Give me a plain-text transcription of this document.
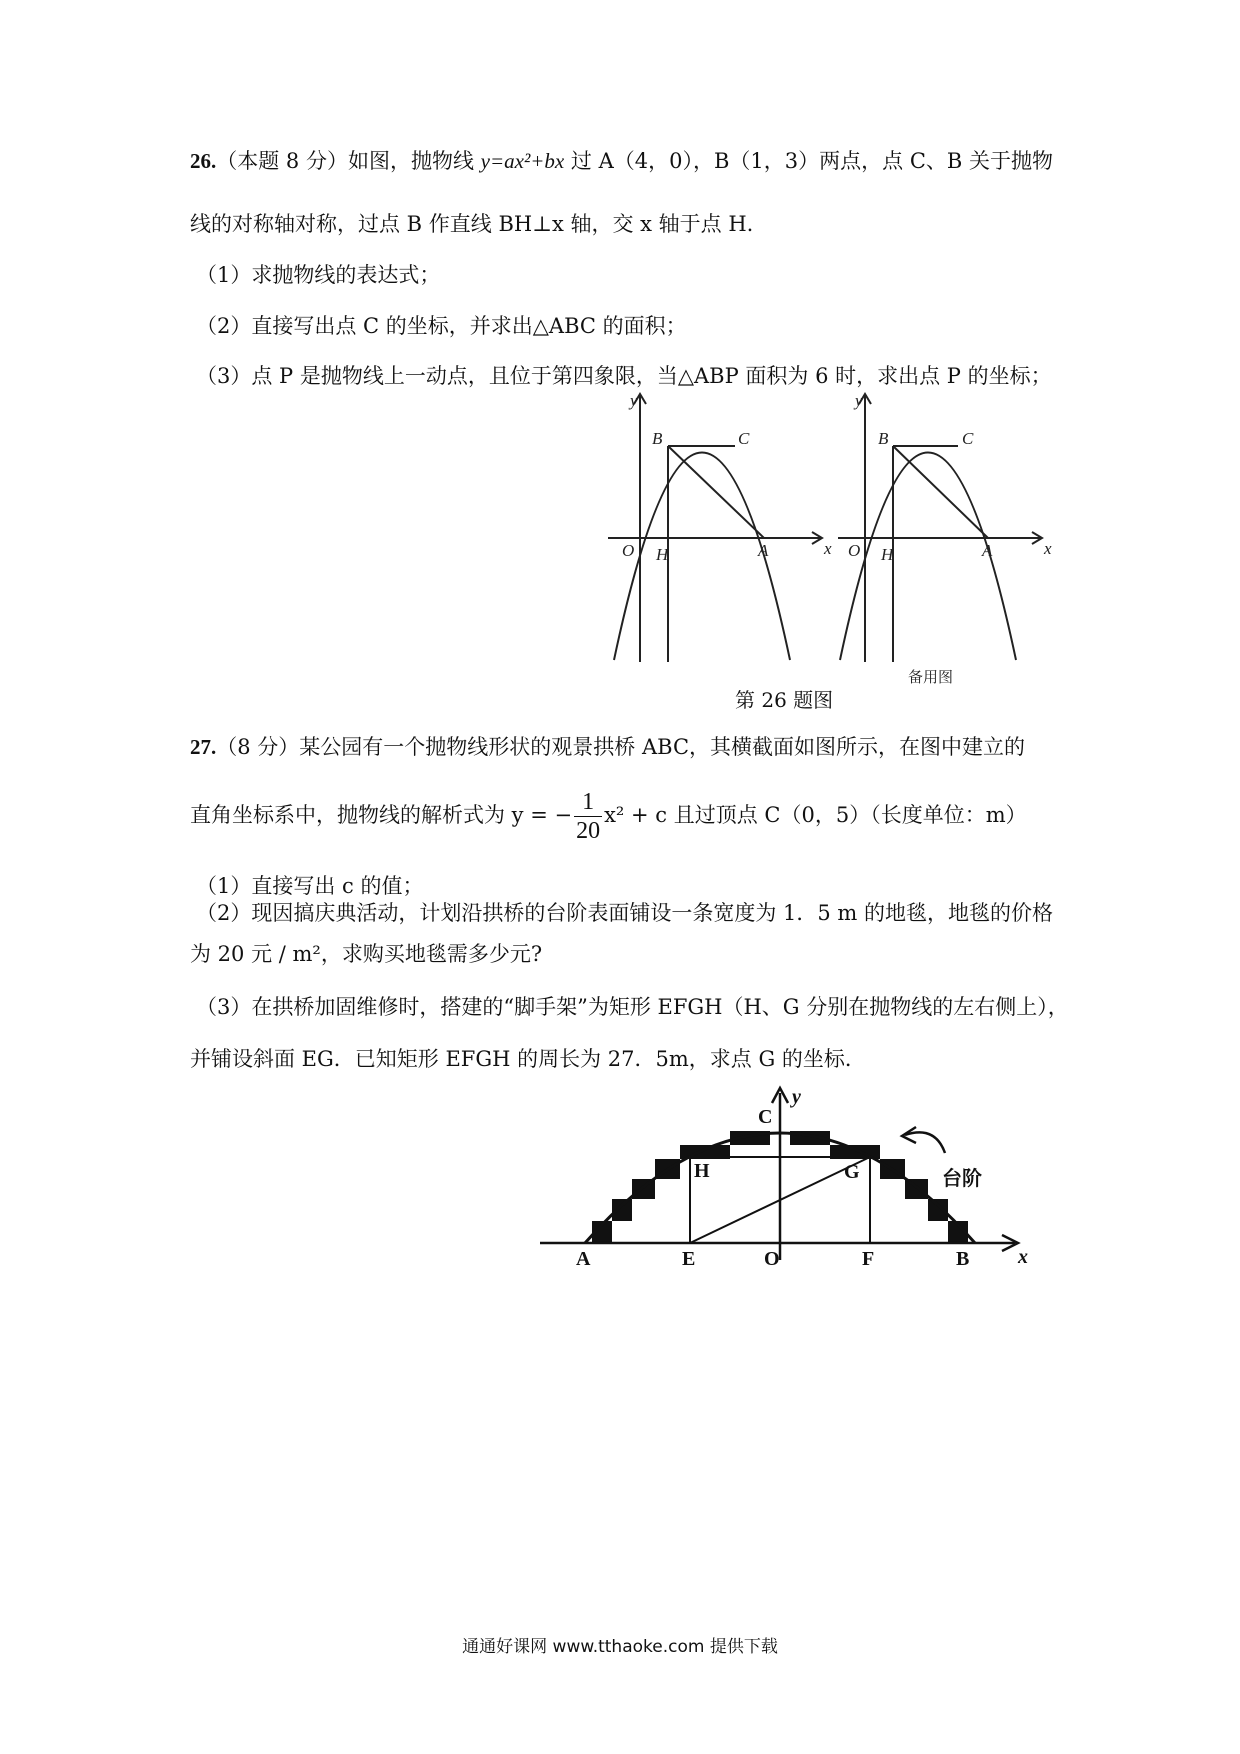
26.（本题 8 分）如图，抛物线 y=ax²+bx 过 A（4，0），B（1，3）两点，点 C、B 关于抛物
线的对称轴对称，过点 B 作直线 BH⊥x 轴，交 x 轴于点 H.
（1）求抛物线的表达式；
（2）直接写出点 C 的坐标，并求出△ABC 的面积；
（3）点 P 是抛物线上一动点，且位于第四象限，当△ABP 面积为 6 时，求出点 P 的坐标；
y
x
O H	A
B	C
y
x
O H	A
B	C
备用图
第 26 题图
27.（8 分）某公园有一个抛物线形状的观景拱桥 ABC，其横截面如图所示，在图中建立的
直角坐标系中，抛物线的解析式为 y = − $\frac{1}{20} x^2 + c$ 且过顶点 C（0，5）（长度单位：m）
（1）直接写出 c 的值；
（2）现因搞庆典活动，计划沿拱桥的台阶表面铺设一条宽度为 1．5 m 的地毯，地毯的价格
为 20 元 / m²，求购买地毯需多少元?
（3）在拱桥加固维修时，搭建的“脚手架”为矩形 EFGH（H、G 分别在抛物线的左右侧上），
并铺设斜面 EG．已知矩形 EFGH 的周长为 27．5m，求点 G 的坐标．
y
x
C
H	G
A	E	O	F	B
台阶
通通好课网 www.tthaoke.com 提供下载
